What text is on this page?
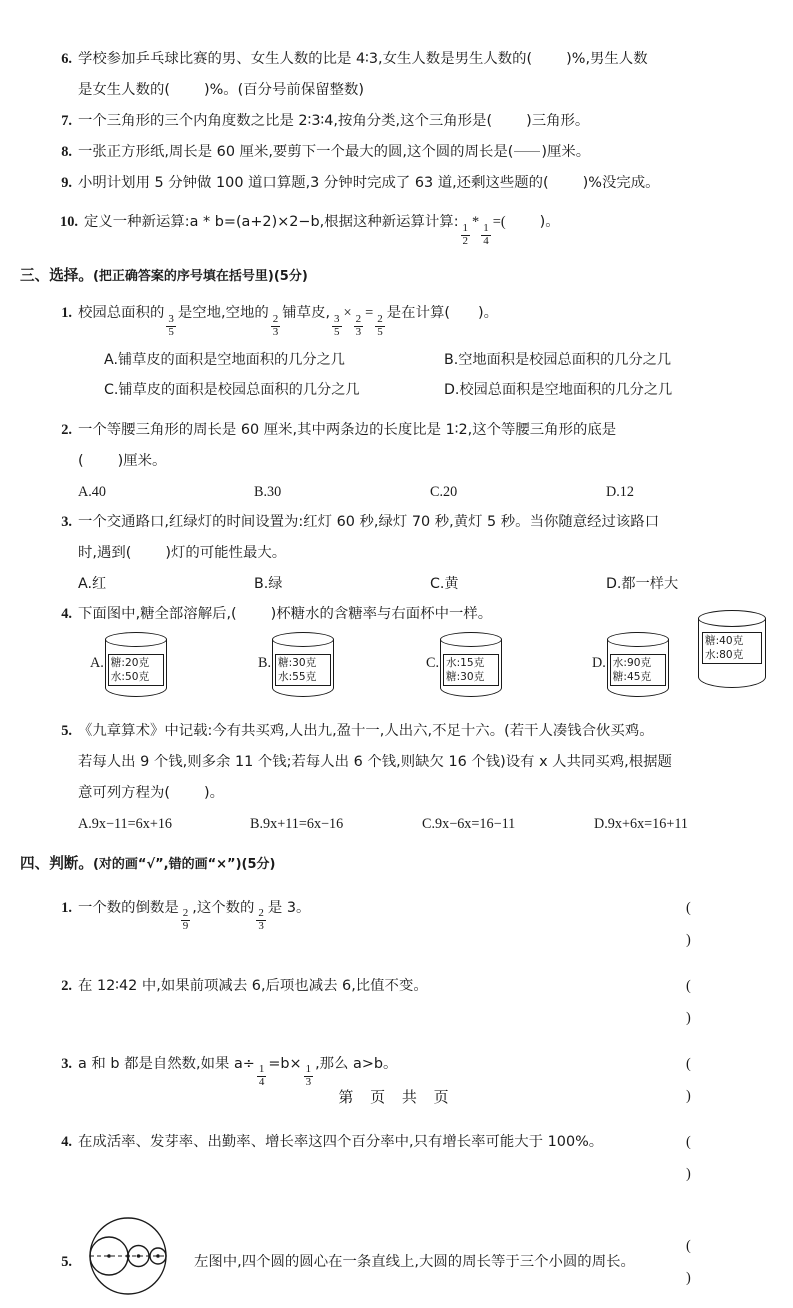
6. 学校参加乒乓球比赛的男、女生人数的比是 4∶3,女生人数是男生人数的( )%,男生人数
是女生人数的( )%。(百分号前保留整数)
7. 一个三角形的三个内角度数之比是 2∶3∶4,按角分类,这个三角形是( )三角形。
8. 一张正方形纸,周长是 60 厘米,要剪下一个最大的圆,这个圆的周长是( )厘米。
9. 小明计划用 5 分钟做 100 道口算题,3 分钟时完成了 63 道,还剩这些题的( )%没完成。
10. 定义一种新运算:a * b=(a+2)×2−b,根据这种新运算计算:
$\frac{1}{2}$
*
$\frac{1}{4}$
=( )。
三、选择。(把正确答案的序号填在括号里)(5分)
1. 校园总面积的
$\frac{3}{5}$
是空地,空地的
$\frac{2}{3}$
铺草皮,
$\frac{3}{5}$
×
$\frac{2}{3}$
=
$\frac{2}{5}$
是在计算( )。
A.铺草皮的面积是空地面积的几分之几	B.空地面积是校园总面积的几分之几
C.铺草皮的面积是校园总面积的几分之几	D.校园总面积是空地面积的几分之几
2. 一个等腰三角形的周长是 60 厘米,其中两条边的长度比是 1∶2,这个等腰三角形的底是
( )厘米。
A.40	B.30	C.20	D.12
3. 一个交通路口,红绿灯的时间设置为:红灯 60 秒,绿灯 70 秒,黄灯 5 秒。当你随意经过该路口
时,遇到( )灯的可能性最大。
A.红	B.绿	C.黄	D.都一样大
4. 下面图中,糖全部溶解后,( )杯糖水的含糖率与右面杯中一样。
A. 糖:20克
水:50克
B. 糖:30克
水:55克
C. 水:15克
糖:30克
D. 水:90克
糖:45克
糖:40克
水:80克
5. 《九章算术》中记载:今有共买鸡,人出九,盈十一,人出六,不足十六。(若干人凑钱合伙买鸡。
若每人出 9 个钱,则多余 11 个钱;若每人出 6 个钱,则缺欠 16 个钱)设有 x 人共同买鸡,根据题
意可列方程为( )。
A.9x−11=6x+16	B.9x+11=6x−16	C.9x−6x=16−11	D.9x+6x=16+11
四、判断。(对的画“√”,错的画“×”)(5分)
1. 一个数的倒数是
$\frac{2}{9}$
,这个数的
$\frac{2}{3}$
是 3。	( )
2. 在 12∶42 中,如果前项减去 6,后项也减去 6,比值不变。	( )
3. a 和 b 都是自然数,如果 a÷
$\frac{1}{4}$
=b×
$\frac{1}{3}$
,那么 a>b。	( )
4. 在成活率、发芽率、出勤率、增长率这四个百分率中,只有增长率可能大于 100%。	( )
5.	左图中,四个圆的圆心在一条直线上,大圆的周长等于三个小圆的周长。
( )
第 页 共 页
